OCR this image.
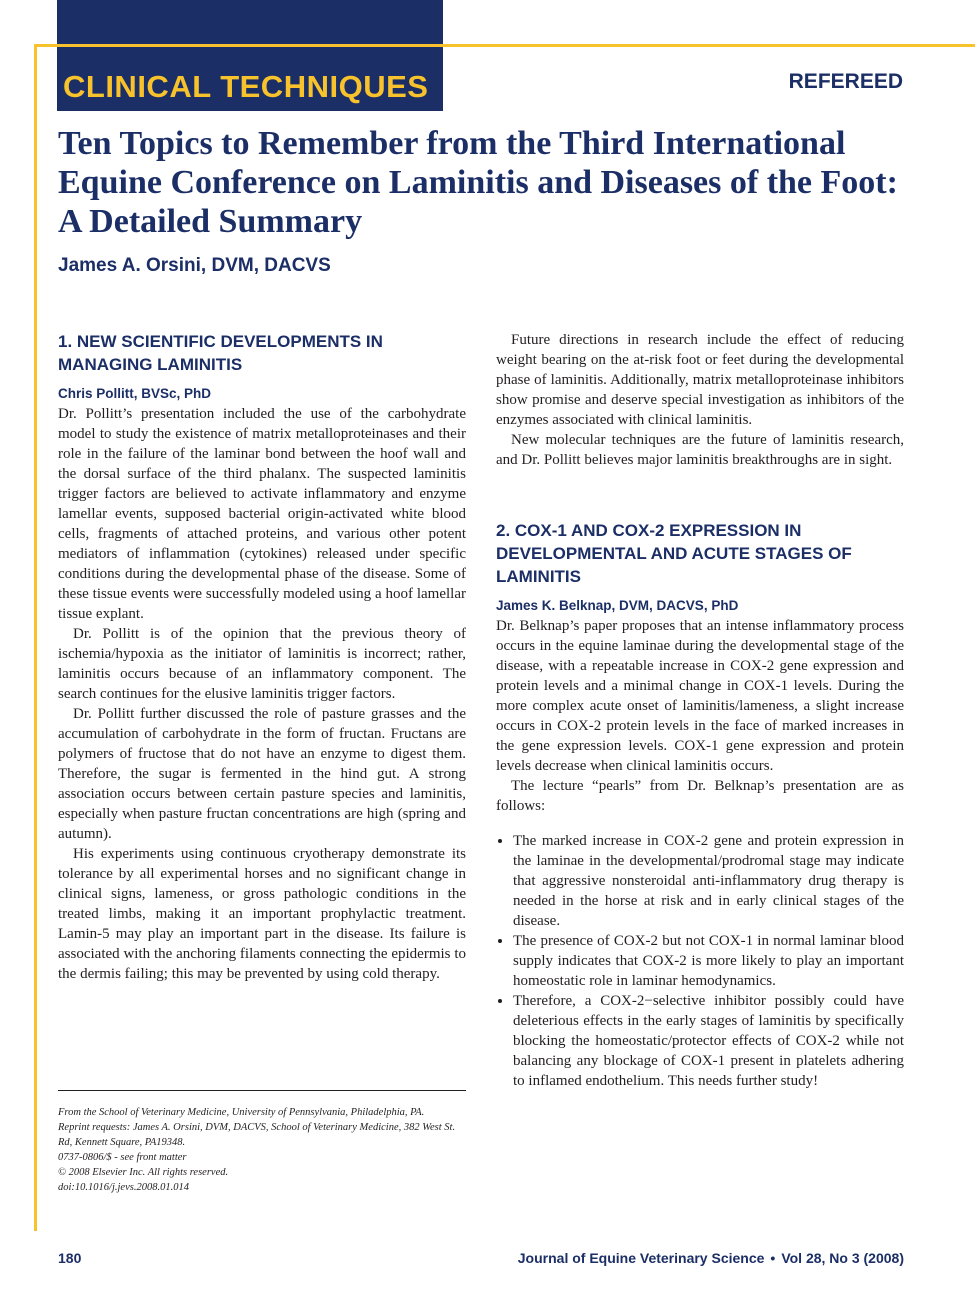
CLINICAL TECHNIQUES	REFEREED
Ten Topics to Remember from the Third International Equine Conference on Laminitis and Diseases of the Foot: A Detailed Summary
James A. Orsini, DVM, DACVS
1. NEW SCIENTIFIC DEVELOPMENTS IN MANAGING LAMINITIS
Chris Pollitt, BVSc, PhD

Dr. Pollitt’s presentation included the use of the carbohydrate model to study the existence of matrix metalloproteinases and their role in the failure of the laminar bond between the hoof wall and the dorsal surface of the third phalanx. The suspected laminitis trigger factors are believed to activate inflammatory and enzyme lamellar events, supposed bacterial origin-activated white blood cells, fragments of attached proteins, and various other potent mediators of inflammation (cytokines) released under specific conditions during the developmental phase of the disease. Some of these tissue events were successfully modeled using a hoof lamellar tissue explant.

Dr. Pollitt is of the opinion that the previous theory of ischemia/hypoxia as the initiator of laminitis is incorrect; rather, laminitis occurs because of an inflammatory component. The search continues for the elusive laminitis trigger factors.

Dr. Pollitt further discussed the role of pasture grasses and the accumulation of carbohydrate in the form of fructan. Fructans are polymers of fructose that do not have an enzyme to digest them. Therefore, the sugar is fermented in the hind gut. A strong association occurs between certain pasture species and laminitis, especially when pasture fructan concentrations are high (spring and autumn).

His experiments using continuous cryotherapy demonstrate its tolerance by all experimental horses and no significant change in clinical signs, lameness, or gross pathologic conditions in the treated limbs, making it an important prophylactic treatment. Lamin-5 may play an important part in the disease. Its failure is associated with the anchoring filaments connecting the epidermis to the dermis failing; this may be prevented by using cold therapy.

From the School of Veterinary Medicine, University of Pennsylvania, Philadelphia, PA.
Reprint requests: James A. Orsini, DVM, DACVS, School of Veterinary Medicine, 382 West St. Rd, Kennett Square, PA19348.
0737-0806/$ - see front matter
© 2008 Elsevier Inc. All rights reserved.
doi:10.1016/j.jevs.2008.01.014

Future directions in research include the effect of reducing weight bearing on the at-risk foot or feet during the developmental phase of laminitis. Additionally, matrix metalloproteinase inhibitors show promise and deserve special investigation as inhibitors of the enzymes associated with clinical laminitis.

New molecular techniques are the future of laminitis research, and Dr. Pollitt believes major laminitis breakthroughs are in sight.

2. COX-1 AND COX-2 EXPRESSION IN DEVELOPMENTAL AND ACUTE STAGES OF LAMINITIS
James K. Belknap, DVM, DACVS, PhD

Dr. Belknap’s paper proposes that an intense inflammatory process occurs in the equine laminae during the developmental stage of the disease, with a repeatable increase in COX-2 gene expression and protein levels and a minimal change in COX-1 levels. During the more complex acute onset of laminitis/lameness, a slight increase occurs in COX-2 protein levels in the face of marked increases in the gene expression levels. COX-1 gene expression and protein levels decrease when clinical laminitis occurs.

The lecture “pearls” from Dr. Belknap’s presentation are as follows:

• The marked increase in COX-2 gene and protein expression in the laminae in the developmental/prodromal stage may indicate that aggressive nonsteroidal anti-inflammatory drug therapy is needed in the horse at risk and in early clinical stages of the disease.
• The presence of COX-2 but not COX-1 in normal laminar blood supply indicates that COX-2 is more likely to play an important homeostatic role in laminar hemodynamics.
• Therefore, a COX-2−selective inhibitor possibly could have deleterious effects in the early stages of laminitis by specifically blocking the homeostatic/protector effects of COX-2 while not balancing any blockage of COX-1 present in platelets adhering to inflamed endothelium. This needs further study!
180	Journal of Equine Veterinary Science • Vol 28, No 3 (2008)
